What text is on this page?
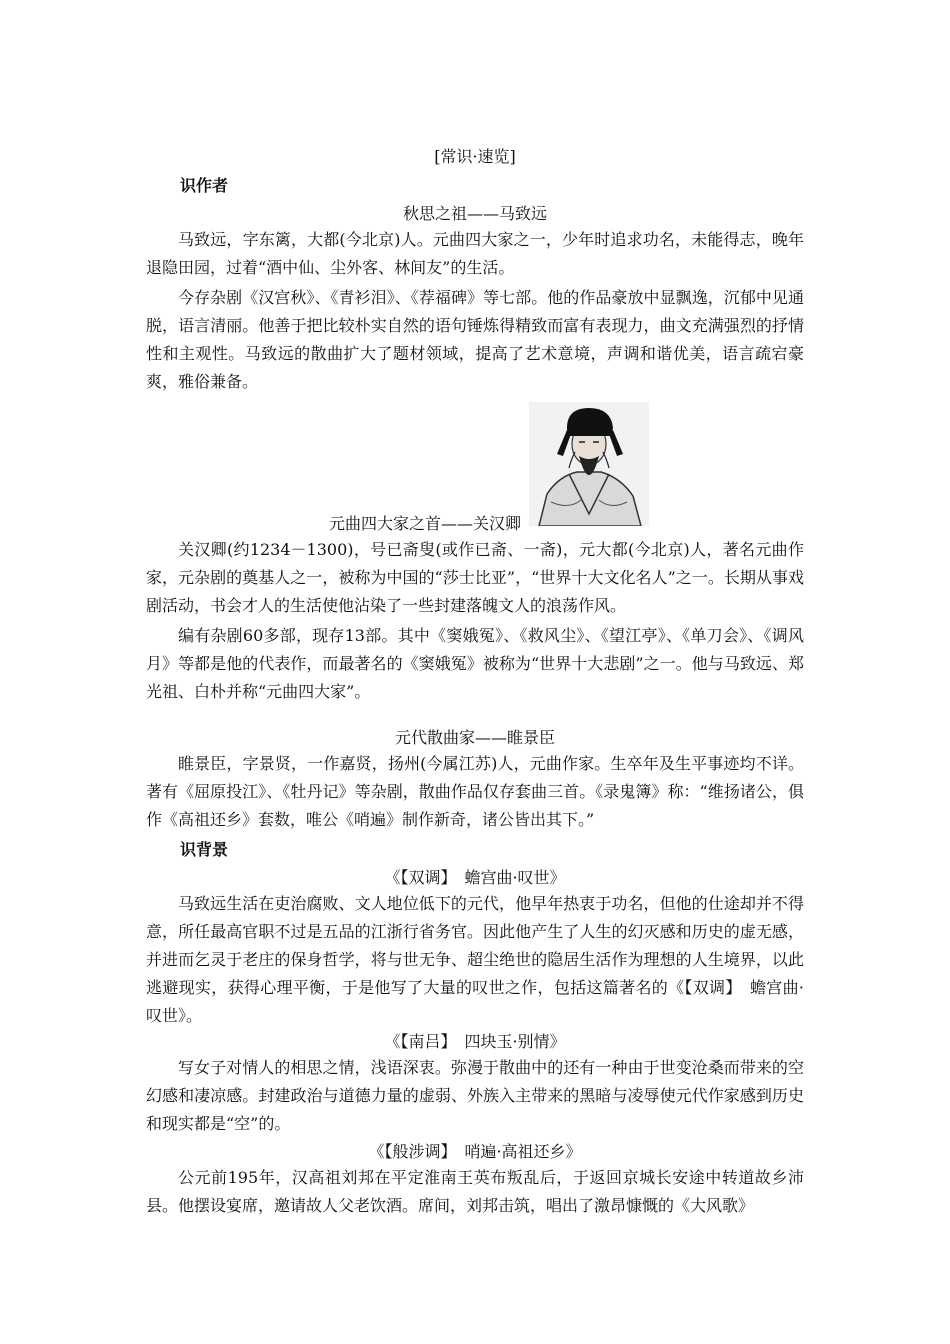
[常识·速览]
识作者
秋思之祖——马致远

马致远，字东篱，大都(今北京)人。元曲四大家之一，少年时追求功名，未能得志，晚年退隐田园，过着“酒中仙、尘外客、林间友”的生活。

今存杂剧《汉宫秋》、《青衫泪》、《荐福碑》等七部。他的作品豪放中显飘逸，沉郁中见通脱，语言清丽。他善于把比较朴实自然的语句锤炼得精致而富有表现力，曲文充满强烈的抒情性和主观性。马致远的散曲扩大了题材领域，提高了艺术意境，声调和谐优美，语言疏宕豪爽，雅俗兼备。

元曲四大家之首——关汉卿

关汉卿(约1234－1300)，号已斋叟(或作已斋、一斋)，元大都(今北京)人，著名元曲作家，元杂剧的奠基人之一，被称为中国的“莎士比亚”，“世界十大文化名人”之一。长期从事戏剧活动，书会才人的生活使他沾染了一些封建落魄文人的浪荡作风。

编有杂剧60多部，现存13部。其中《窦娥冤》、《救风尘》、《望江亭》、《单刀会》、《调风月》等都是他的代表作，而最著名的《窦娥冤》被称为“世界十大悲剧”之一。他与马致远、郑光祖、白朴并称“元曲四大家”。

元代散曲家——睢景臣

睢景臣，字景贤，一作嘉贤，扬州(今属江苏)人，元曲作家。生卒年及生平事迹均不详。著有《屈原投江》、《牡丹记》等杂剧，散曲作品仅存套曲三首。《录鬼簿》称：“维扬诸公，俱作《高祖还乡》套数，唯公《哨遍》制作新奇，诸公皆出其下。”

识背景
《【双调】　蟾宫曲·叹世》

马致远生活在吏治腐败、文人地位低下的元代，他早年热衷于功名，但他的仕途却并不得意，所任最高官职不过是五品的江浙行省务官。因此他产生了人生的幻灭感和历史的虚无感，并进而乞灵于老庄的保身哲学，将与世无争、超尘绝世的隐居生活作为理想的人生境界，以此逃避现实，获得心理平衡，于是他写了大量的叹世之作，包括这篇著名的《【双调】　蟾宫曲·叹世》。

《【南吕】　四块玉·别情》

写女子对情人的相思之情，浅语深衷。弥漫于散曲中的还有一种由于世变沧桑而带来的空幻感和凄凉感。封建政治与道德力量的虚弱、外族入主带来的黑暗与凌辱使元代作家感到历史和现实都是“空”的。

《【般涉调】　哨遍·高祖还乡》

公元前195年，汉高祖刘邦在平定淮南王英布叛乱后，于返回京城长安途中转道故乡沛县。他摆设宴席，邀请故人父老饮酒。席间，刘邦击筑，唱出了激昂慷慨的《大风歌》
